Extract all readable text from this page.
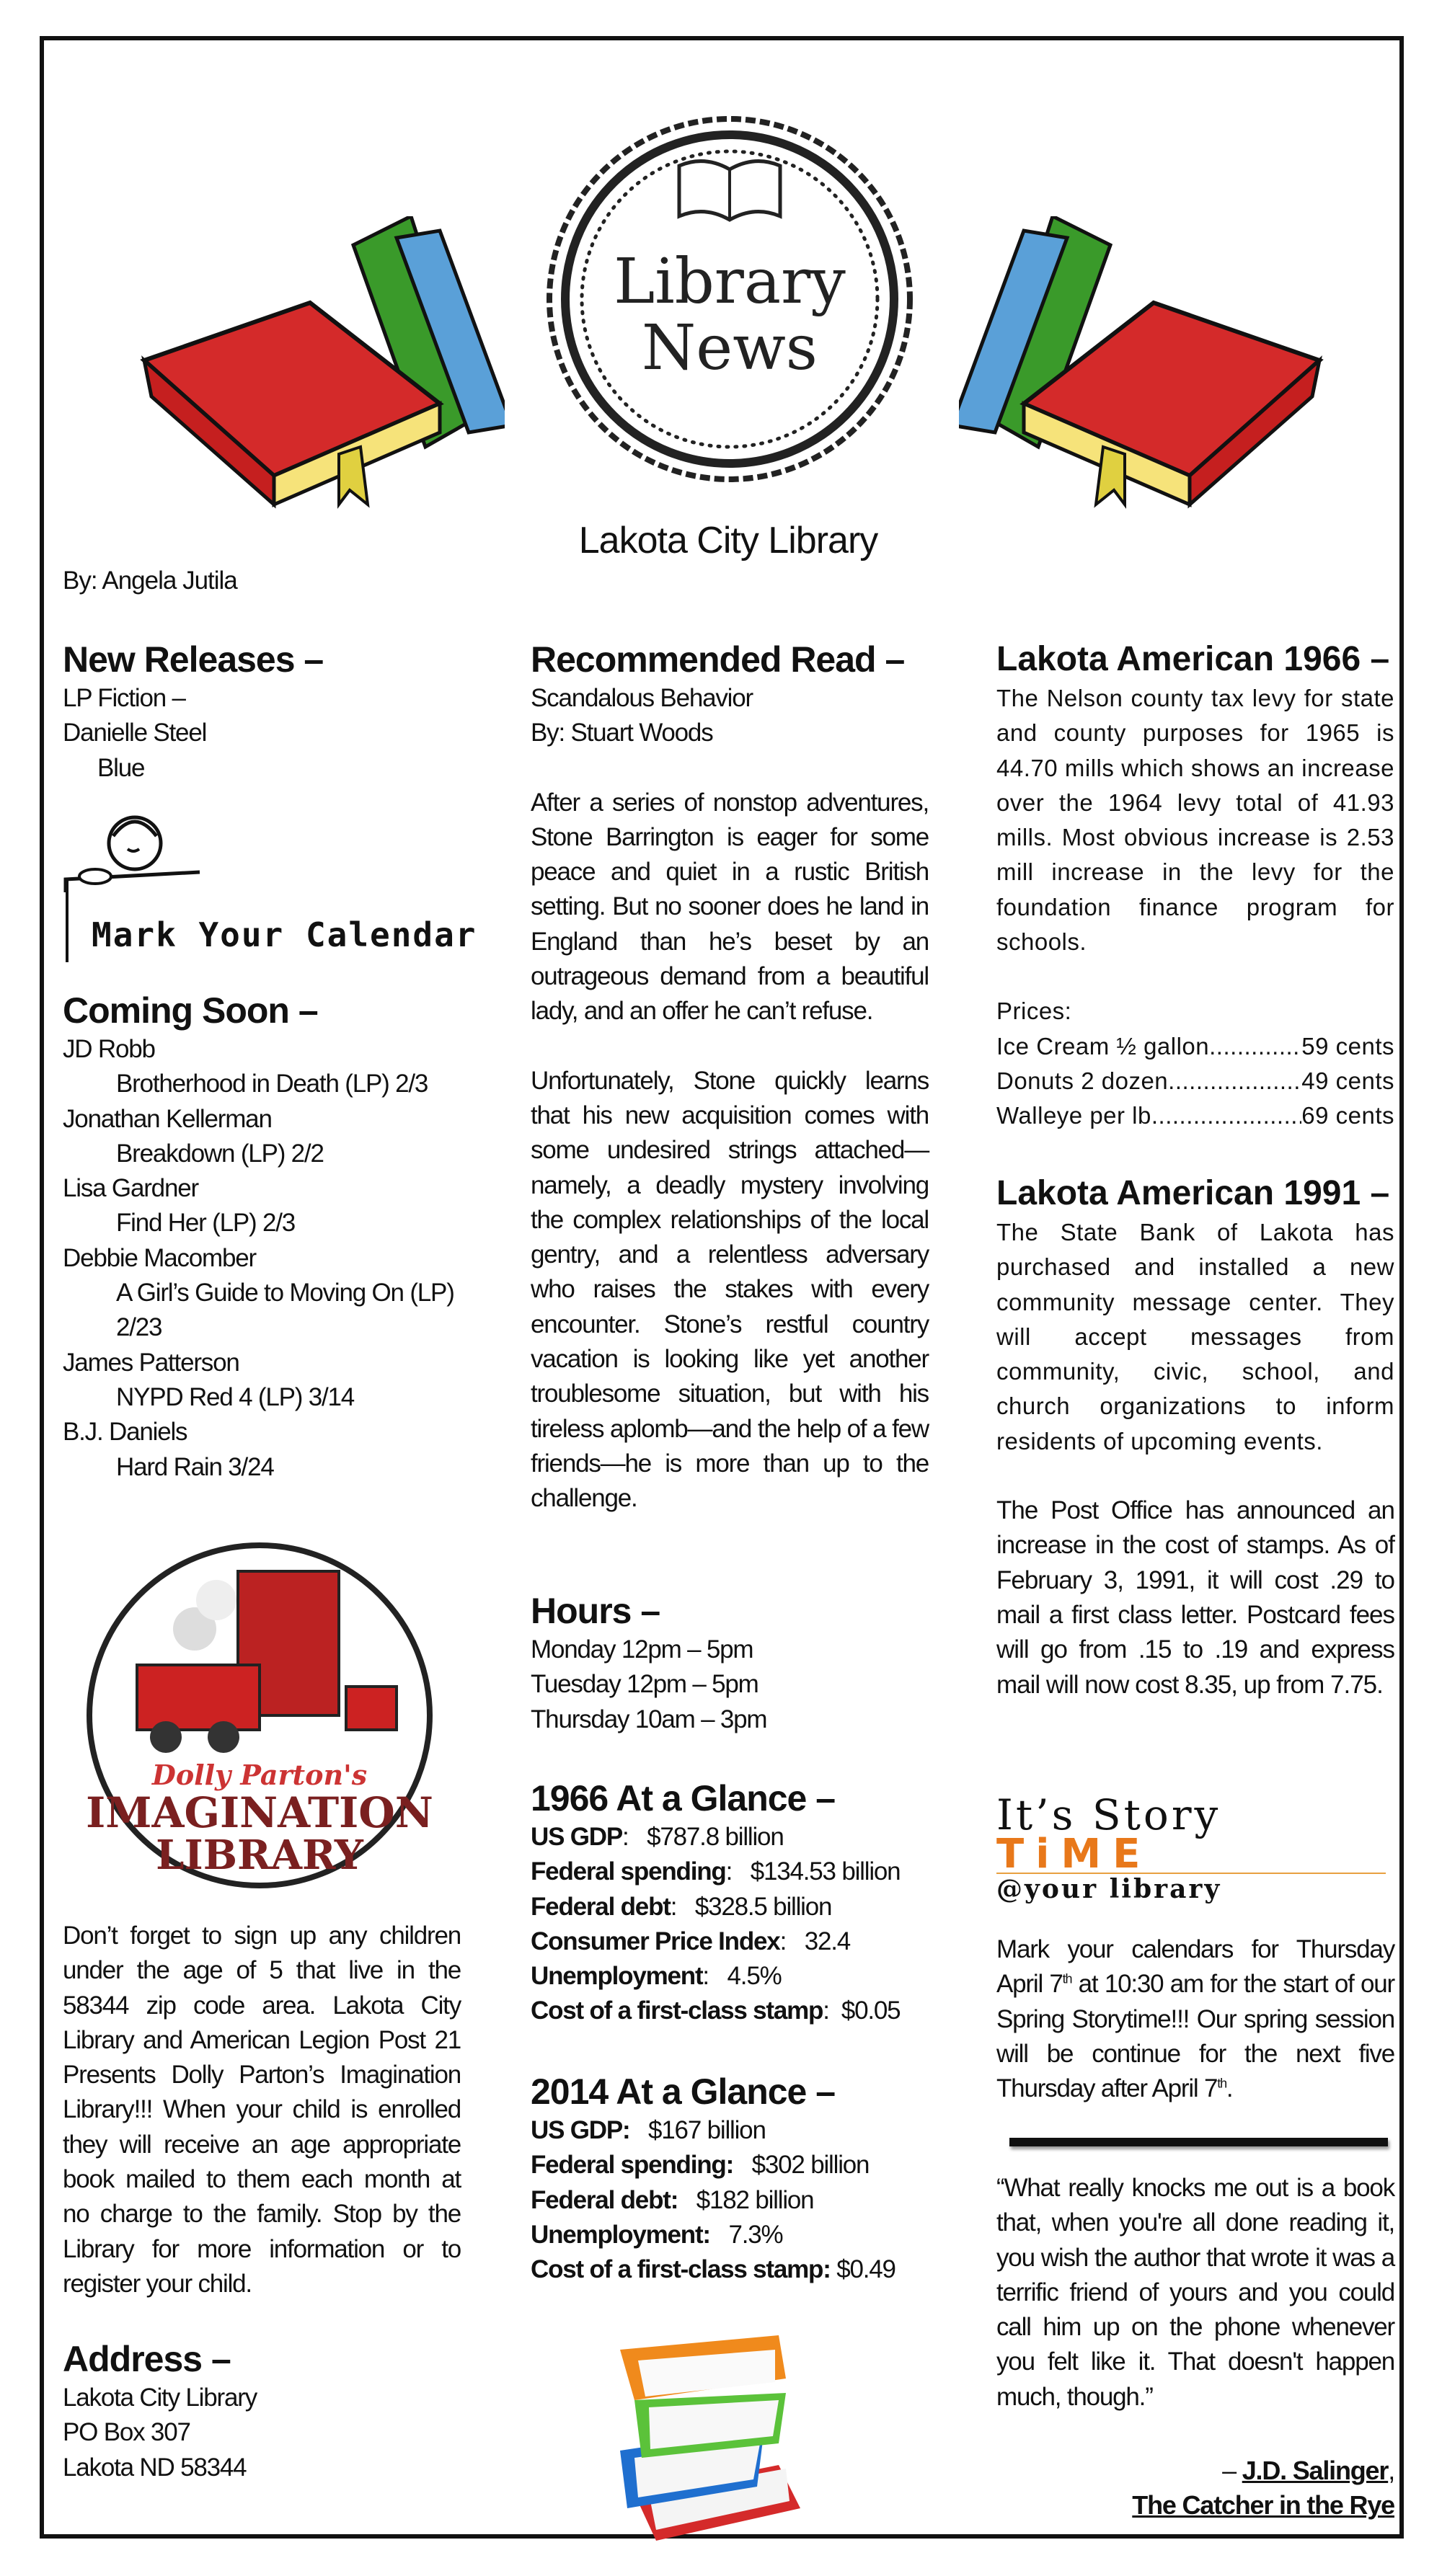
Library
News
Lakota City Library
By: Angela Jutila
New Releases –
LP Fiction –
Danielle Steel
Blue
Mark Your Calendar
Coming Soon –
JD Robb
Brotherhood in Death (LP) 2/3
Jonathan Kellerman
Breakdown (LP) 2/2
Lisa Gardner
Find Her (LP) 2/3
Debbie Macomber
A Girl’s Guide to Moving On (LP) 2/23
James Patterson
NYPD Red 4 (LP) 3/14
B.J. Daniels
Hard Rain 3/24
Dolly Parton's
IMAGINATION
LIBRARY
Don’t forget to sign up any children under the age of 5 that live in the 58344 zip code area. Lakota City Library and American Legion Post 21 Presents Dolly Parton’s Imagination Library!!! When your child is enrolled they will receive an age appropriate book mailed to them each month at no charge to the family. Stop by the Library for more information or to register your child.
Address –
Lakota City Library
PO Box 307
Lakota ND 58344
Recommended Read –
Scandalous Behavior
By: Stuart Woods
After a series of nonstop adventures, Stone Barrington is eager for some peace and quiet in a rustic British setting. But no sooner does he land in England than he’s beset by an outrageous demand from a beautiful lady, and an offer he can’t refuse.
Unfortunately, Stone quickly learns that his new acquisition comes with some undesired strings attached—namely, a deadly mystery involving the complex relationships of the local gentry, and a relentless adversary who raises the stakes with every encounter. Stone’s restful country vacation is looking like yet another troublesome situation, but with his tireless aplomb—and the help of a few friends—he is more than up to the challenge.
Hours –
Monday 12pm – 5pm
Tuesday 12pm – 5pm
Thursday 10am – 3pm
1966 At a Glance –
US GDP:   $787.8 billion
Federal spending:   $134.53 billion
Federal debt:   $328.5 billion
Consumer Price Index:   32.4
Unemployment:   4.5%
Cost of a first-class stamp:  $0.05
2014 At a Glance –
US GDP: $167 billion
Federal spending: $302 billion
Federal debt: $182 billion
Unemployment: 7.3%
Cost of a first-class stamp: $0.49
Lakota American 1966 –
The Nelson county tax levy for state and county purposes for 1965 is 44.70 mills which shows an increase over the 1964 levy total of 41.93 mills. Most obvious increase is 2.53 mill increase in the levy for the foundation finance program for schools.
Prices:
Ice Cream ½ gallon .....	59 cents
Donuts 2 dozen .....	49 cents
Walleye per lb .....	69 cents
Lakota American 1991 –
The State Bank of Lakota has purchased and installed a new community message center. They will accept messages from community, civic, school, and church organizations to inform residents of upcoming events.
The Post Office has announced an increase in the cost of stamps. As of February 3, 1991, it will cost .29 to mail a first class letter. Postcard fees will go from .15 to .19 and express mail will now cost 8.35, up from 7.75.
It’s Story
TiME
@your library
Mark your calendars for Thursday April 7th at 10:30 am for the start of our Spring Storytime!!! Our spring session will be continue for the next five Thursday after April 7th.
“What really knocks me out is a book that, when you're all done reading it, you wish the author that wrote it was a terrific friend of yours and you could call him up on the phone whenever you felt like it. That doesn't happen much, though.”
– J.D. Salinger,
The Catcher in the Rye
